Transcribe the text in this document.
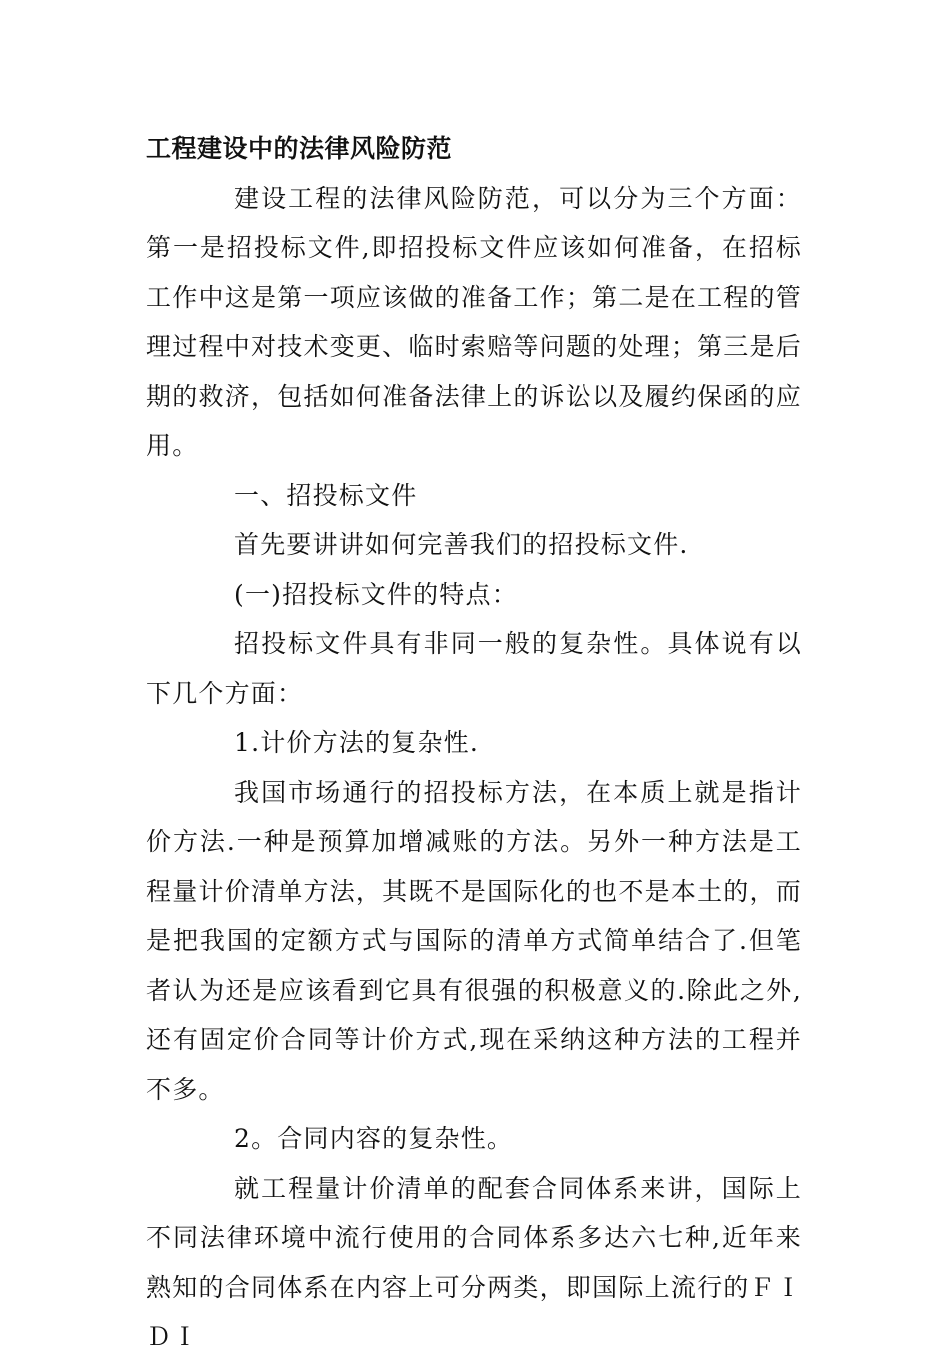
工程建设中的法律风险防范

建设工程的法律风险防范，可以分为三个方面：第一是招投标文件,即招投标文件应该如何准备，在招标工作中这是第一项应该做的准备工作；第二是在工程的管理过程中对技术变更、临时索赔等问题的处理；第三是后期的救济，包括如何准备法律上的诉讼以及履约保函的应用。

一、招投标文件

首先要讲讲如何完善我们的招投标文件.

(一)招投标文件的特点：

招投标文件具有非同一般的复杂性。具体说有以下几个方面：

1.计价方法的复杂性.

我国市场通行的招投标方法，在本质上就是指计价方法.一种是预算加增减账的方法。另外一种方法是工程量计价清单方法，其既不是国际化的也不是本土的，而是把我国的定额方式与国际的清单方式简单结合了.但笔者认为还是应该看到它具有很强的积极意义的.除此之外,还有固定价合同等计价方式,现在采纳这种方法的工程并不多。

2。合同内容的复杂性。

就工程量计价清单的配套合同体系来讲，国际上不同法律环境中流行使用的合同体系多达六七种,近年来熟知的合同体系在内容上可分两类，即国际上流行的ＦＩＤＩ
